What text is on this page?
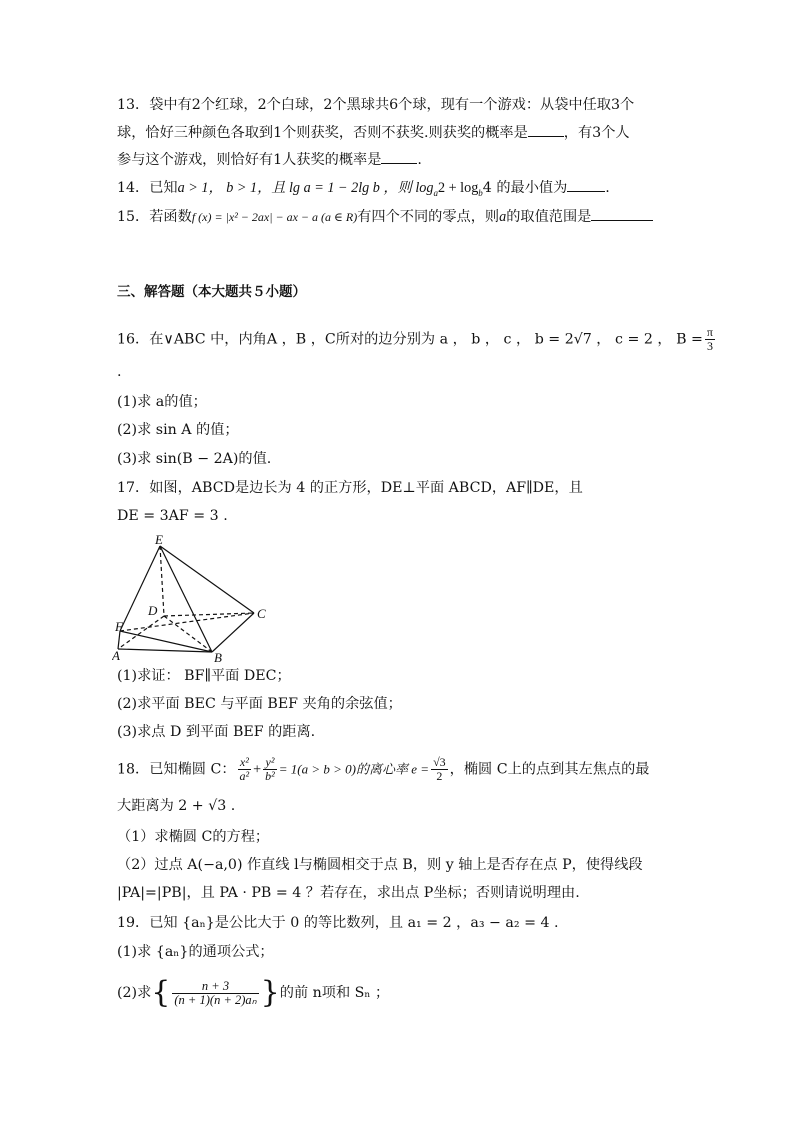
13．袋中有2个红球，2个白球，2个黑球共6个球，现有一个游戏：从袋中任取3个
球，恰好三种颜色各取到1个则获奖，否则不获奖.则获奖的概率是	，有3个人
参与这个游戏，则恰好有1人获奖的概率是	.
14．已知a > 1， b > 1，且 lg a = 1 − 2lg b ，则 $\log_a2 + \log_b4$ 的最小值为	.
15．若函数f (x) = |x² − 2ax| − ax − a (a ∈ R)有四个不同的零点，则a的取值范围是
三、解答题（本大题共５小题）
16．在∨ABC 中，内角A ，B ，C所对的边分别为 a ， b ， c ， b = 2√7 ， c = 2 ， $B = \frac{\pi}{3}$
.
(1)求 a的值；
(2)求 sin A 的值；
(3)求 sin(B − 2A)的值.
17．如图，ABCD是边长为 4 的正方形，DE⊥平面 ABCD，AF∥DE，且
DE = 3AF = 3 .
E
D	C
F
A	B
(1)求证： BF∥平面 DEC；
(2)求平面 BEC 与平面 BEF 夹角的余弦值；
(3)求点 D 到平面 BEF 的距离.
18．已知椭圆 C： $\frac{\text{x²}}{\text{a²}} + \frac{\text{y²}}{\text{b²}} = 1(a > b > 0)$的离心率 $e = \frac{√3}{2}$ ，椭圆 C上的点到其左焦点的最
大距离为 2 + √3 .
（1）求椭圆 C的方程；
（2）过点 A(−a,0) 作直线 l与椭圆相交于点 B，则 y 轴上是否存在点 P，使得线段
|PA|=|PB|，且 PA · PB = 4 ？若存在，求出点 P坐标；否则请说明理由.
19．已知 {aₙ}是公比大于 0 的等比数列，且 a₁ = 2 ，a₃ − a₂ = 4 .
(1)求 {aₙ}的通项公式；
(2)求{ $\frac{n + 3}{\text{(n + 1)(n + 2)aₙ}}$ }的前 n项和 Sₙ ；
